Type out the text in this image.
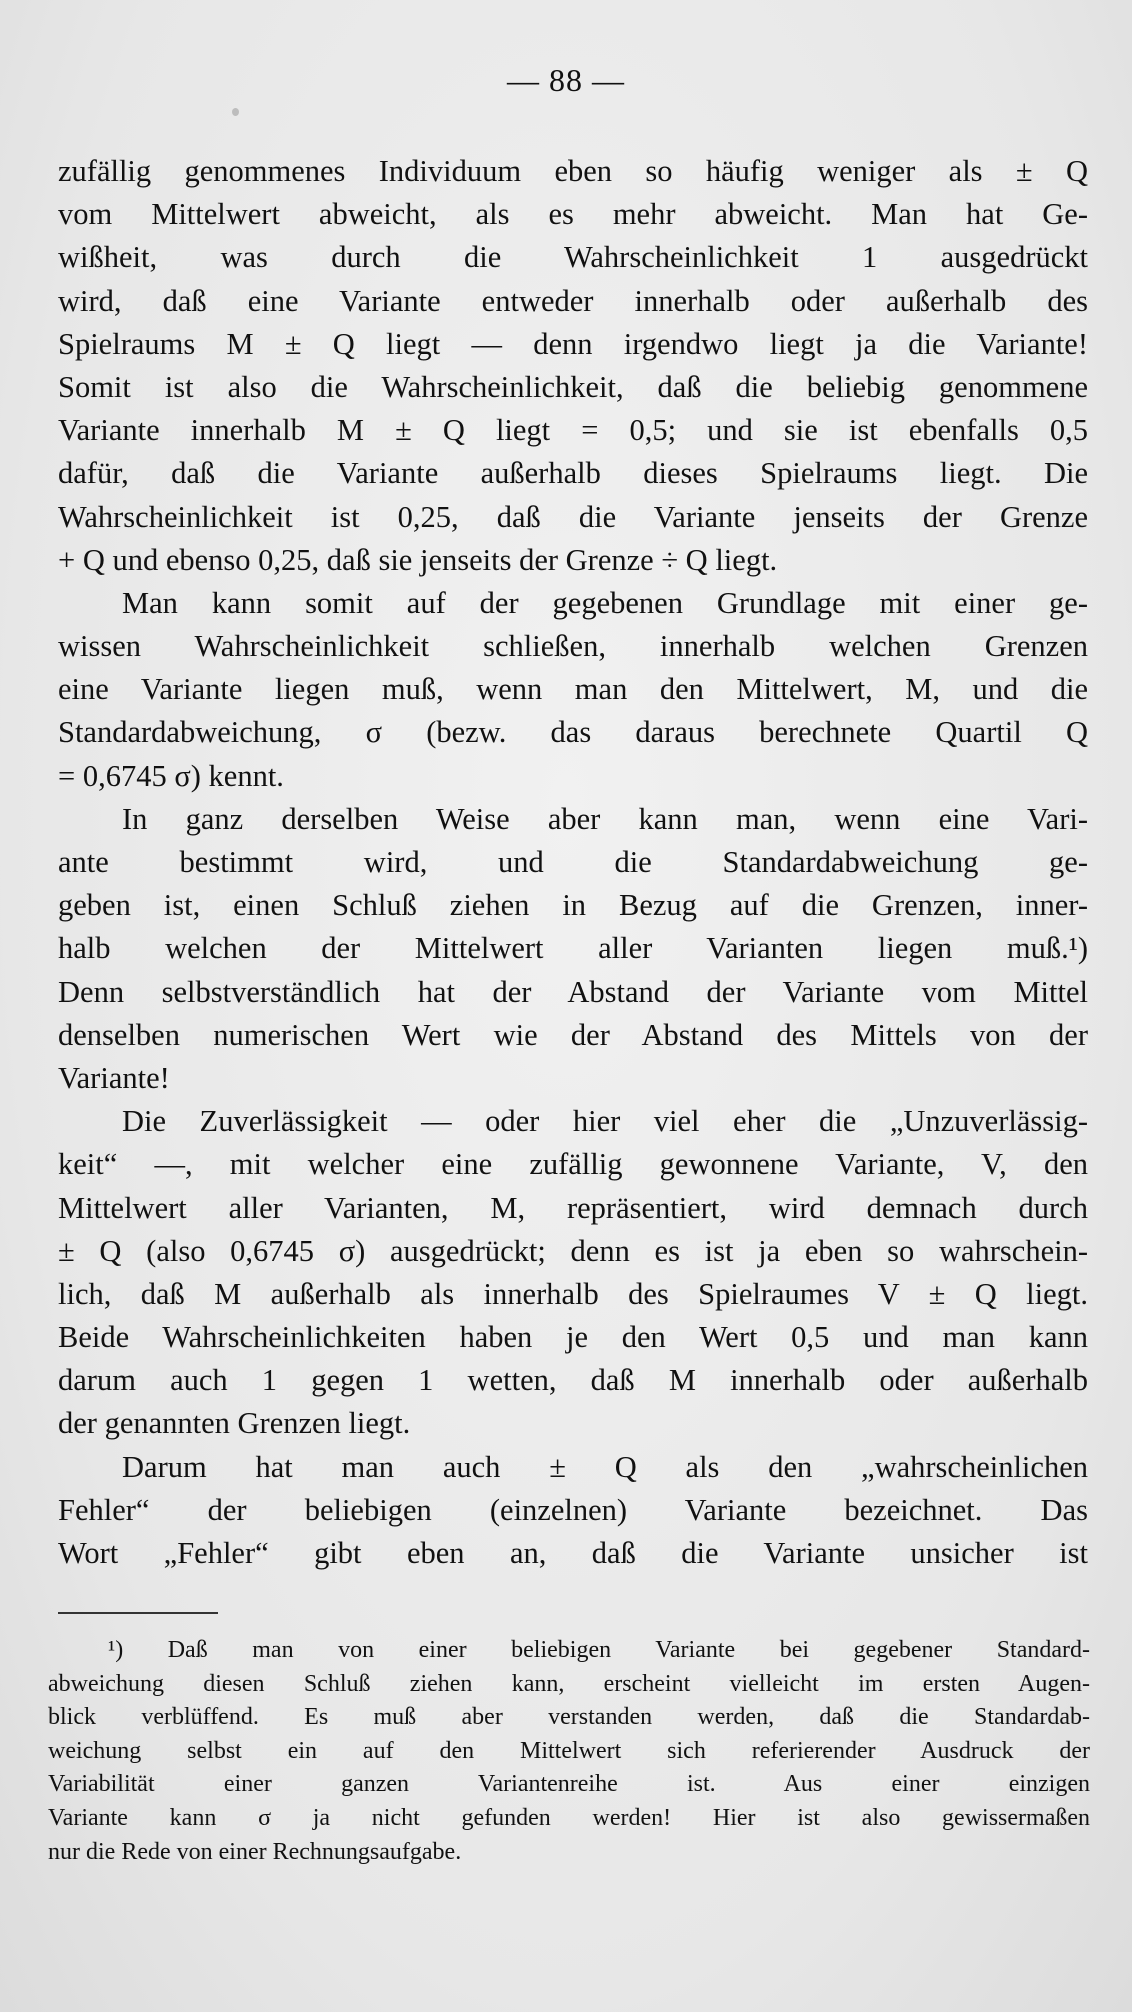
— 88 —

zufällig genommenes Individuum eben so häufig weniger als ± Q
vom Mittelwert abweicht, als es mehr abweicht. Man hat Ge-
wißheit, was durch die Wahrscheinlichkeit 1 ausgedrückt
wird, daß eine Variante entweder innerhalb oder außerhalb des
Spielraums M ± Q liegt — denn irgendwo liegt ja die Variante!
Somit ist also die Wahrscheinlichkeit, daß die beliebig genommene
Variante innerhalb M ± Q liegt = 0,5; und sie ist ebenfalls 0,5
dafür, daß die Variante außerhalb dieses Spielraums liegt. Die
Wahrscheinlichkeit ist 0,25, daß die Variante jenseits der Grenze
+ Q und ebenso 0,25, daß sie jenseits der Grenze ÷ Q liegt.

Man kann somit auf der gegebenen Grundlage mit einer ge-
wissen Wahrscheinlichkeit schließen, innerhalb welchen Grenzen
eine Variante liegen muß, wenn man den Mittelwert, M, und die
Standardabweichung, σ (bezw. das daraus berechnete Quartil Q
= 0,6745 σ) kennt.

In ganz derselben Weise aber kann man, wenn eine Vari-
ante bestimmt wird, und die Standardabweichung ge-
geben ist, einen Schluß ziehen in Bezug auf die Grenzen, inner-
halb welchen der Mittelwert aller Varianten liegen muß.¹)
Denn selbstverständlich hat der Abstand der Variante vom Mittel
denselben numerischen Wert wie der Abstand des Mittels von der
Variante!

Die Zuverlässigkeit — oder hier viel eher die „Unzuverlässig-
keit“ —, mit welcher eine zufällig gewonnene Variante, V, den
Mittelwert aller Varianten, M, repräsentiert, wird demnach durch
± Q (also 0,6745 σ) ausgedrückt; denn es ist ja eben so wahrschein-
lich, daß M außerhalb als innerhalb des Spielraumes V ± Q liegt.
Beide Wahrscheinlichkeiten haben je den Wert 0,5 und man kann
darum auch 1 gegen 1 wetten, daß M innerhalb oder außerhalb
der genannten Grenzen liegt.

Darum hat man auch ± Q als den „wahrscheinlichen
Fehler“ der beliebigen (einzelnen) Variante bezeichnet. Das
Wort „Fehler“ gibt eben an, daß die Variante unsicher ist

¹) Daß man von einer beliebigen Variante bei gegebener Standard-
abweichung diesen Schluß ziehen kann, erscheint vielleicht im ersten Augen-
blick verblüffend. Es muß aber verstanden werden, daß die Standardab-
weichung selbst ein auf den Mittelwert sich referierender Ausdruck der
Variabilität einer ganzen Variantenreihe ist. Aus einer einzigen
Variante kann σ ja nicht gefunden werden! Hier ist also gewissermaßen
nur die Rede von einer Rechnungsaufgabe.
